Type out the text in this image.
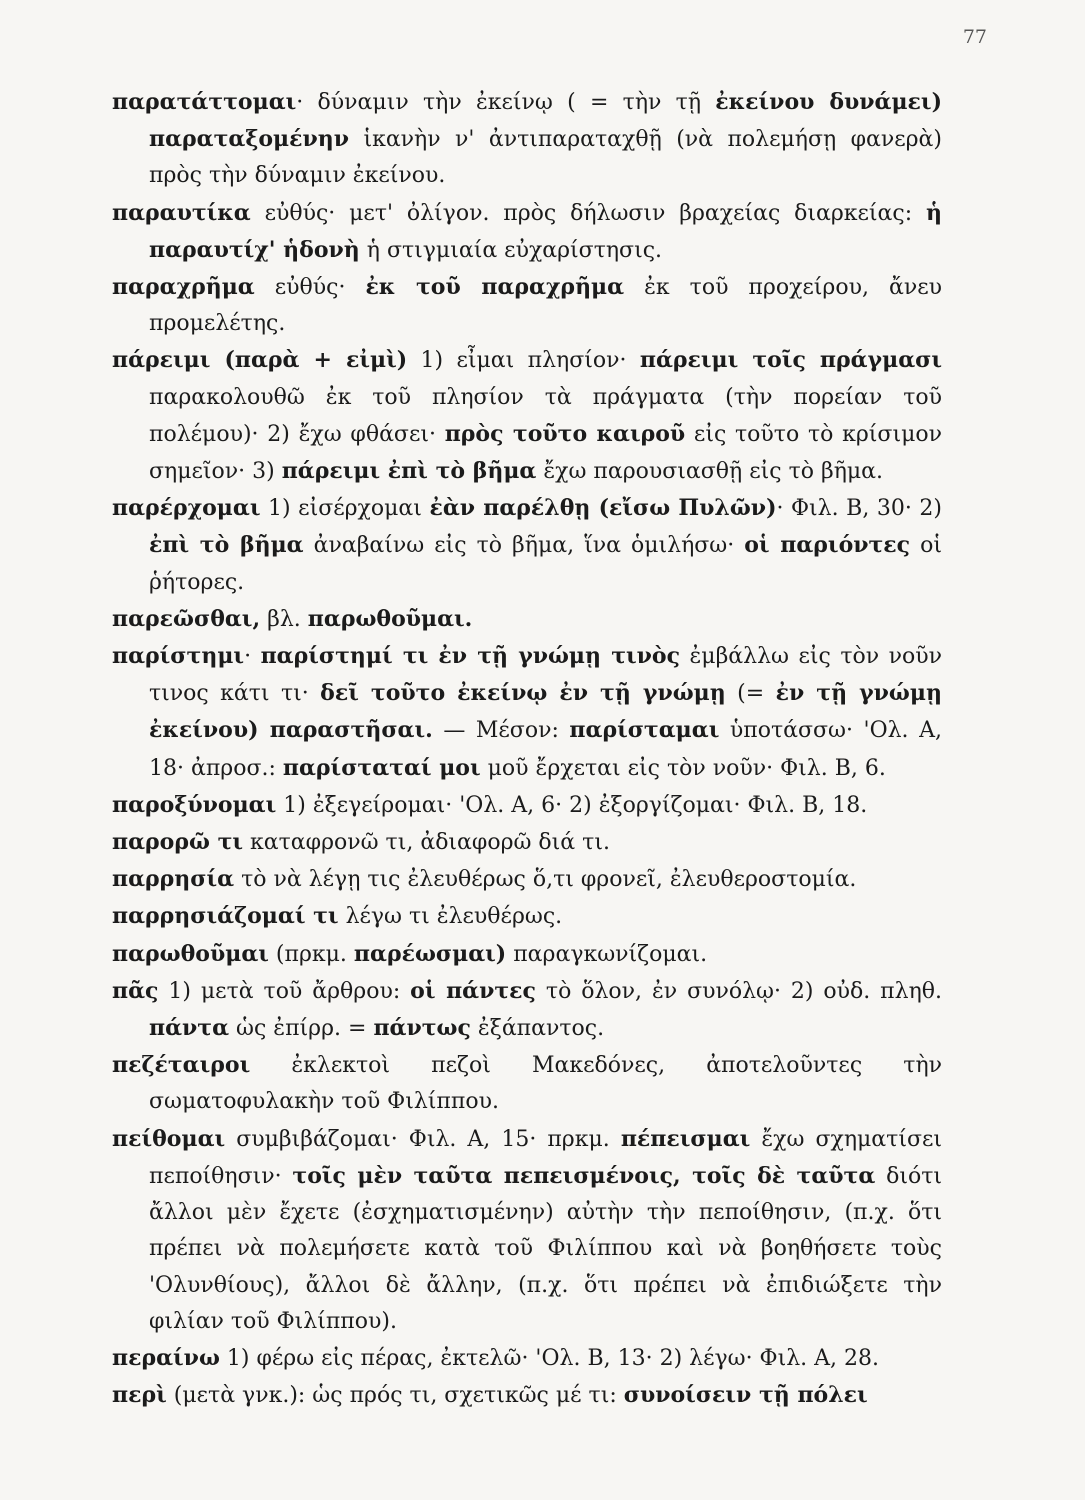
77
παρατάττομαι· δύναμιν τὴν ἐκείνῳ ( = τὴν τῇ ἐκείνου δυνάμει) παραταξομένην ἱκανὴν ν' ἀντιπαραταχθῇ (νὰ πολεμήσῃ φανερὰ) πρὸς τὴν δύναμιν ἐκείνου.
παραυτίκα εὐθύς· μετ' ὀλίγον. πρὸς δήλωσιν βραχείας διαρκείας: ἡ παραυτίχ' ἡδονὴ ἡ στιγμιαία εὐχαρίστησις.
παραχρῆμα εὐθύς· ἐκ τοῦ παραχρῆμα ἐκ τοῦ προχείρου, ἄνευ προμελέτης.
πάρειμι (παρὰ + εἰμὶ) 1) εἶμαι πλησίον· πάρειμι τοῖς πράγμασι παρακολουθῶ ἐκ τοῦ πλησίον τὰ πράγματα (τὴν πορείαν τοῦ πολέμου)· 2) ἔχω φθάσει· πρὸς τοῦτο καιροῦ εἰς τοῦτο τὸ κρίσιμον σημεῖον· 3) πάρειμι ἐπὶ τὸ βῆμα ἔχω παρουσιασθῇ εἰς τὸ βῆμα.
παρέρχομαι 1) εἰσέρχομαι ἐὰν παρέλθῃ (εἴσω Πυλῶν)· Φιλ. Β, 30· 2) ἐπὶ τὸ βῆμα ἀναβαίνω εἰς τὸ βῆμα, ἵνα ὁμιλήσω· οἱ παριόντες οἱ ῥήτορες.
παρεῶσθαι, βλ. παρωθοῦμαι.
παρίστημι· παρίστημί τι ἐν τῇ γνώμῃ τινὸς ἐμβάλλω εἰς τὸν νοῦν τινος κάτι τι· δεῖ τοῦτο ἐκείνῳ ἐν τῇ γνώμῃ (= ἐν τῇ γνώμῃ ἐκείνου) παραστῆσαι. — Μέσον: παρίσταμαι ὑποτάσσω· 'Ολ. Α, 18· ἀπροσ.: παρίσταταί μοι μοῦ ἔρχεται εἰς τὸν νοῦν· Φιλ. Β, 6.
παροξύνομαι 1) ἐξεγείρομαι· 'Ολ. Α, 6· 2) ἐξοργίζομαι· Φιλ. Β, 18.
παρορῶ τι καταφρονῶ τι, ἀδιαφορῶ διά τι.
παρρησία τὸ νὰ λέγῃ τις ἐλευθέρως ὅ,τι φρονεῖ, ἐλευθεροστομία.
παρρησιάζομαί τι λέγω τι ἐλευθέρως.
παρωθοῦμαι (πρκμ. παρέωσμαι) παραγκωνίζομαι.
πᾶς 1) μετὰ τοῦ ἄρθρου: οἱ πάντες τὸ ὅλον, ἐν συνόλῳ· 2) οὐδ. πληθ. πάντα ὡς ἐπίρρ. = πάντως ἐξάπαντος.
πεζέταιροι ἐκλεκτοὶ πεζοὶ Μακεδόνες, ἀποτελοῦντες τὴν σωματοφυλακὴν τοῦ Φιλίππου.
πείθομαι συμβιβάζομαι· Φιλ. Α, 15· πρκμ. πέπεισμαι ἔχω σχηματίσει πεποίθησιν· τοῖς μὲν ταῦτα πεπεισμένοις, τοῖς δὲ ταῦτα διότι ἄλλοι μὲν ἔχετε (ἐσχηματισμένην) αὐτὴν τὴν πεποίθησιν, (π.χ. ὅτι πρέπει νὰ πολεμήσετε κατὰ τοῦ Φιλίππου καὶ νὰ βοηθήσετε τοὺς 'Ολυνθίους), ἄλλοι δὲ ἄλλην, (π.χ. ὅτι πρέπει νὰ ἐπιδιώξετε τὴν φιλίαν τοῦ Φιλίππου).
περαίνω 1) φέρω εἰς πέρας, ἐκτελῶ· 'Ολ. Β, 13· 2) λέγω· Φιλ. Α, 28.
περὶ (μετὰ γνκ.): ὡς πρός τι, σχετικῶς μέ τι: συνοίσειν τῇ πόλει
